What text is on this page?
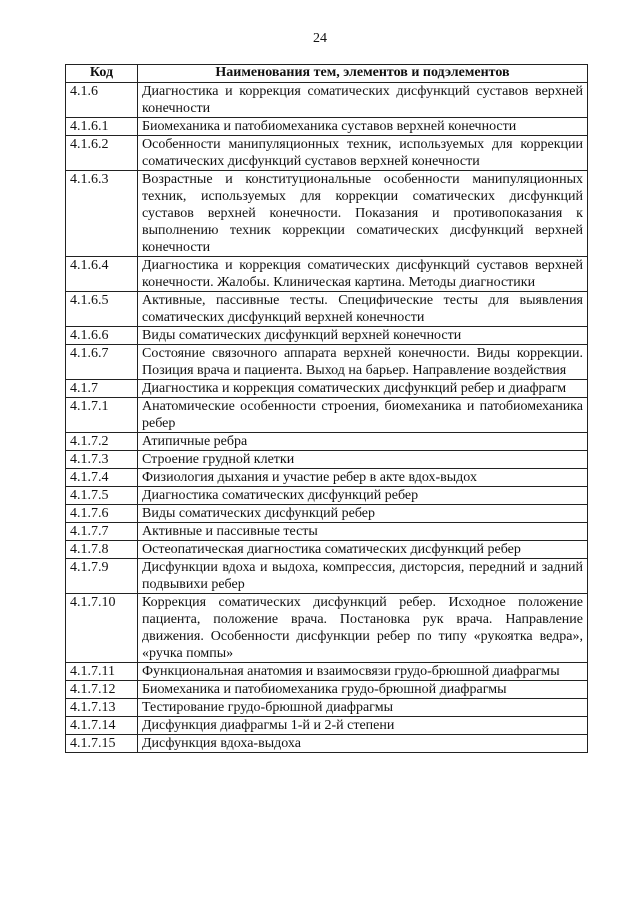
24
Код	Наименования тем, элементов и подэлементов
4.1.6	Диагностика и коррекция соматических дисфункций суставов верхней конечности
4.1.6.1	Биомеханика и патобиомеханика суставов верхней конечности
4.1.6.2	Особенности манипуляционных техник, используемых для коррекции соматических дисфункций суставов верхней конечности
4.1.6.3	Возрастные и конституциональные особенности манипуляционных техник, используемых для коррекции соматических дисфункций суставов верхней конечности. Показания и противопоказания к выполнению техник коррекции соматических дисфункций верхней конечности
4.1.6.4	Диагностика и коррекция соматических дисфункций суставов верхней конечности. Жалобы. Клиническая картина. Методы диагностики
4.1.6.5	Активные, пассивные тесты. Специфические тесты для выявления соматических дисфункций верхней конечности
4.1.6.6	Виды соматических дисфункций верхней конечности
4.1.6.7	Состояние связочного аппарата верхней конечности. Виды коррекции. Позиция врача и пациента. Выход на барьер. Направление воздействия
4.1.7	Диагностика и коррекция соматических дисфункций ребер и диафрагм
4.1.7.1	Анатомические особенности строения, биомеханика и патобиомеханика ребер
4.1.7.2	Атипичные ребра
4.1.7.3	Строение грудной клетки
4.1.7.4	Физиология дыхания и участие ребер в акте вдох-выдох
4.1.7.5	Диагностика соматических дисфункций ребер
4.1.7.6	Виды соматических дисфункций ребер
4.1.7.7	Активные и пассивные тесты
4.1.7.8	Остеопатическая диагностика соматических дисфункций ребер
4.1.7.9	Дисфункции вдоха и выдоха, компрессия, дисторсия, передний и задний подвывихи ребер
4.1.7.10	Коррекция соматических дисфункций ребер. Исходное положение пациента, положение врача. Постановка рук врача. Направление движения. Особенности дисфункции ребер по типу «рукоятка ведра», «ручка помпы»
4.1.7.11	Функциональная анатомия и взаимосвязи грудо-брюшной диафрагмы
4.1.7.12	Биомеханика и патобиомеханика грудо-брюшной диафрагмы
4.1.7.13	Тестирование грудо-брюшной диафрагмы
4.1.7.14	Дисфункция диафрагмы 1-й и 2-й степени
4.1.7.15	Дисфункция вдоха-выдоха
